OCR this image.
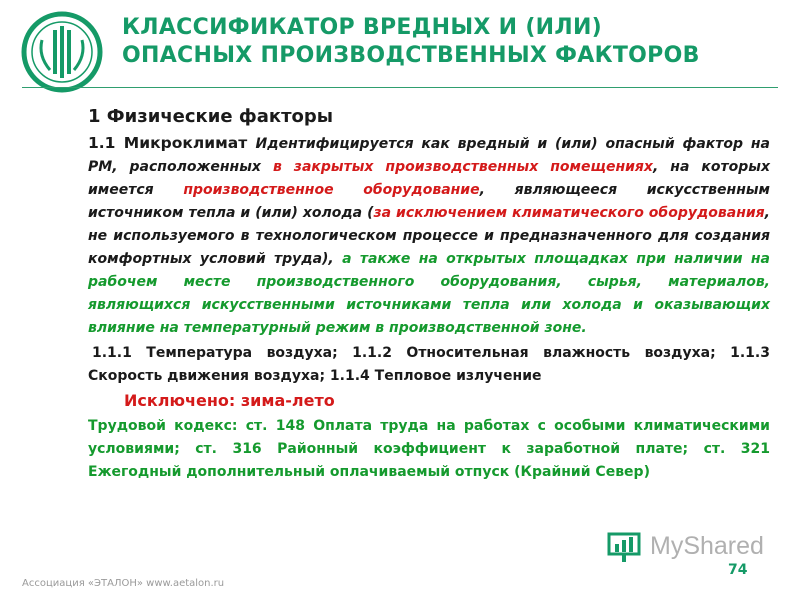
КЛАССИФИКАТОР ВРЕДНЫХ И (ИЛИ)
ОПАСНЫХ ПРОИЗВОДСТВЕННЫХ ФАКТОРОВ
1 Физические факторы

1.1 Микроклимат Идентифицируется как вредный и (или) опасный фактор на РМ, расположенных в закрытых производственных помещениях, на которых имеется производственное оборудование, являющееся искусственным источником тепла и (или) холода (за исключением климатического оборудования, не используемого в технологическом процессе и предназначенного для создания комфортных условий труда), а также на открытых площадках при наличии на рабочем месте производственного оборудования, сырья, материалов, являющихся искусственными источниками тепла или холода и оказывающих влияние на температурный режим в производственной зоне.

1.1.1 Температура воздуха; 1.1.2 Относительная влажность воздуха; 1.1.3 Скорость движения воздуха; 1.1.4 Тепловое излучение

Исключено: зима-лето

Трудовой кодекс: ст. 148 Оплата труда на работах с особыми климатическими условиями; ст. 316 Районный коэффициент к заработной плате; ст. 321 Ежегодный дополнительный оплачиваемый отпуск (Крайний Север)

Ассоциация «ЭТАЛОН» www.aetalon.ru
MyShared
74
